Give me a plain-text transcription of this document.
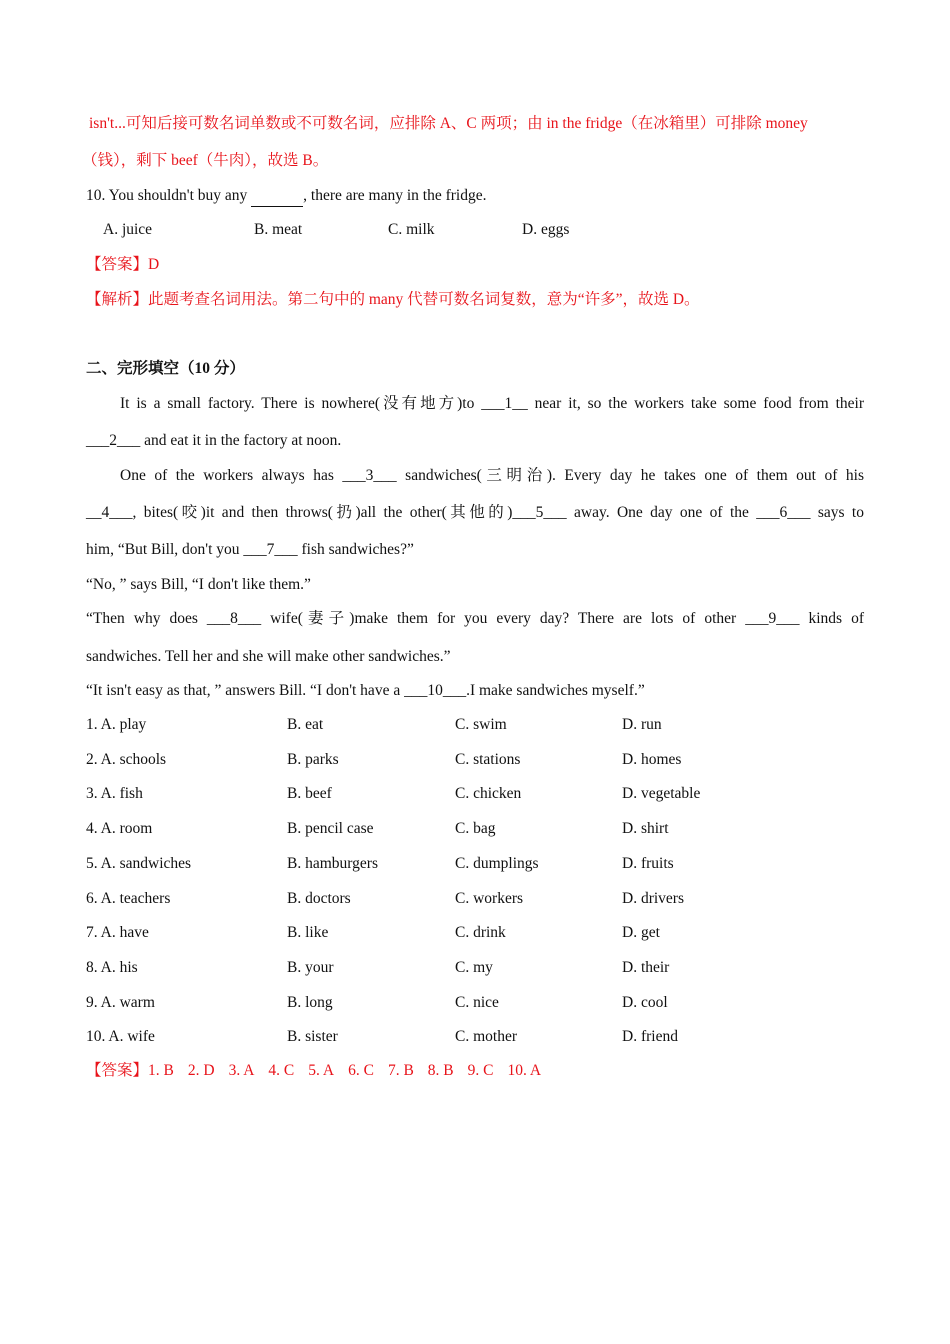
isn't...可知后接可数名词单数或不可数名词，应排除 A、C 两项；由 in the fridge（在冰箱里）可排除 money
（钱），剩下 beef（牛肉），故选 B。
10. You shouldn't buy any	, there are many in the fridge.
A. juice	B. meat	C. milk	D. eggs
【答案】D
【解析】此题考查名词用法。第二句中的 many 代替可数名词复数，意为“许多”，故选 D。
二、完形填空（10 分）
It is a small factory. There is nowhere(没有地方)to ___1__ near it, so the workers take some food from their
___2___ and eat it in the factory at noon.
One of the workers always has ___3___ sandwiches(三明治). Every day he takes one of them out of his
__4___, bites(咬)it and then throws(扔)all the other(其他的)___5___ away. One day one of the ___6___ says to
him, “But Bill, don't you ___7___ fish sandwiches?”
“No, ” says Bill, “I don't like them.”
“Then why does ___8___ wife(妻子)make them for you every day? There are lots of other ___9___ kinds of
sandwiches. Tell her and she will make other sandwiches.”
“It isn't easy as that, ” answers Bill. “I don't have a ___10___.I make sandwiches myself.”
1. A. play	B. eat	C. swim	D. run
2. A. schools	B. parks	C. stations	D. homes
3. A. fish	B. beef	C. chicken	D. vegetable
4. A. room	B. pencil case	C. bag	D. shirt
5. A. sandwiches	B. hamburgers	C. dumplings	D. fruits
6. A. teachers	B. doctors	C. workers	D. drivers
7. A. have	B. like	C. drink	D. get
8. A. his	B. your	C. my	D. their
9. A. warm	B. long	C. nice	D. cool
10. A. wife	B. sister	C. mother	D. friend
【答案】1. B 2. D 3. A 4. C 5. A 6. C 7. B 8. B 9. C 10. A
